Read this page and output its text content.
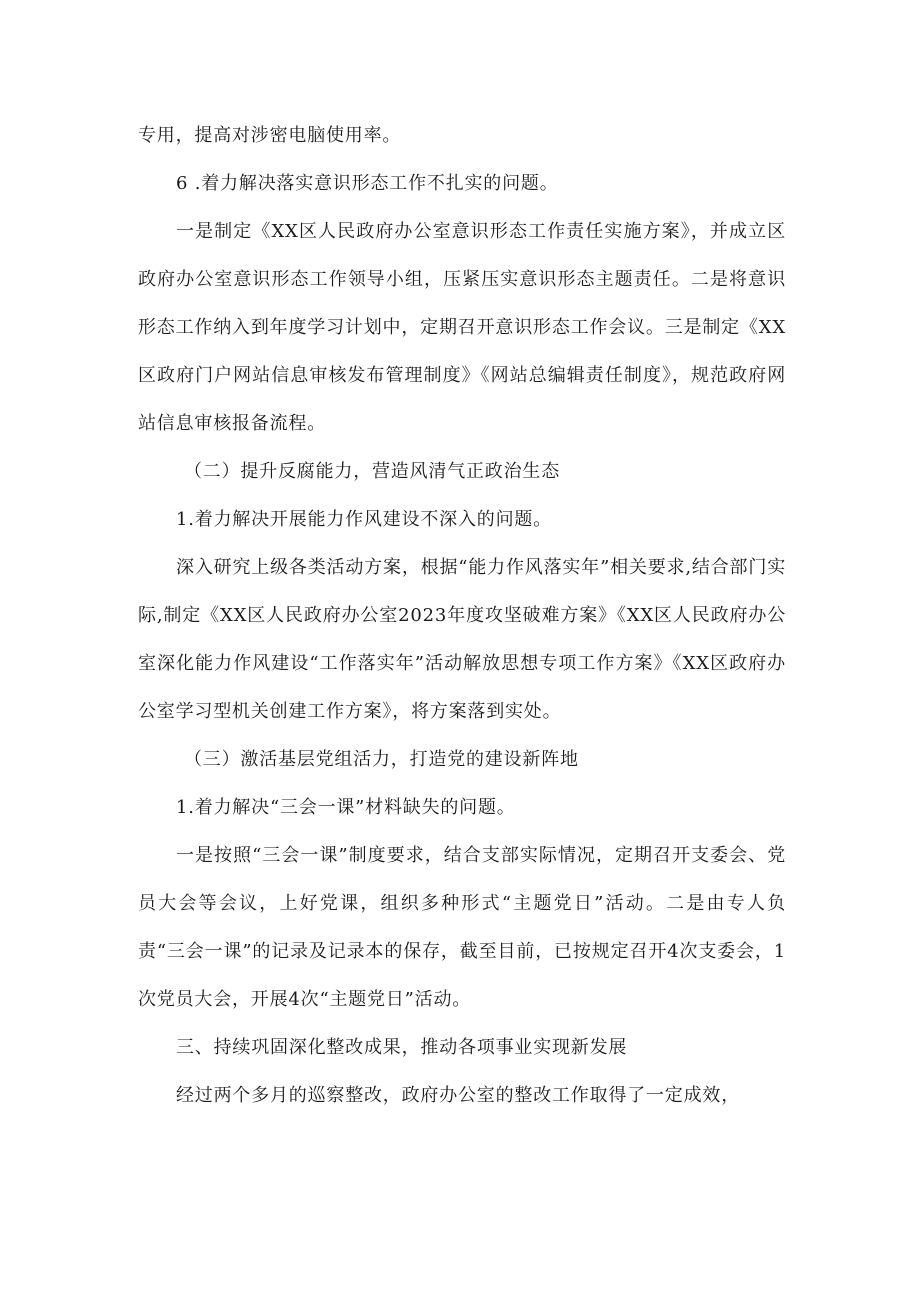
专用，提高对涉密电脑使用率。

6 .着力解决落实意识形态工作不扎实的问题。

一是制定《XX区人民政府办公室意识形态工作责任实施方案》，并成立区政府办公室意识形态工作领导小组，压紧压实意识形态主题责任。二是将意识形态工作纳入到年度学习计划中，定期召开意识形态工作会议。三是制定《XX区政府门户网站信息审核发布管理制度》《网站总编辑责任制度》，规范政府网站信息审核报备流程。

（二）提升反腐能力，营造风清气正政治生态

1.着力解决开展能力作风建设不深入的问题。

深入研究上级各类活动方案，根据“能力作风落实年”相关要求,结合部门实际,制定《XX区人民政府办公室2023年度攻坚破难方案》《XX区人民政府办公室深化能力作风建设“工作落实年”活动解放思想专项工作方案》《XX区政府办公室学习型机关创建工作方案》，将方案落到实处。

（三）激活基层党组活力，打造党的建设新阵地

1.着力解决“三会一课”材料缺失的问题。

一是按照“三会一课”制度要求，结合支部实际情况，定期召开支委会、党员大会等会议，上好党课，组织多种形式“主题党日”活动。二是由专人负责“三会一课”的记录及记录本的保存，截至目前，已按规定召开4次支委会，1次党员大会，开展4次“主题党日”活动。

三、持续巩固深化整改成果，推动各项事业实现新发展

经过两个多月的巡察整改，政府办公室的整改工作取得了一定成效，
